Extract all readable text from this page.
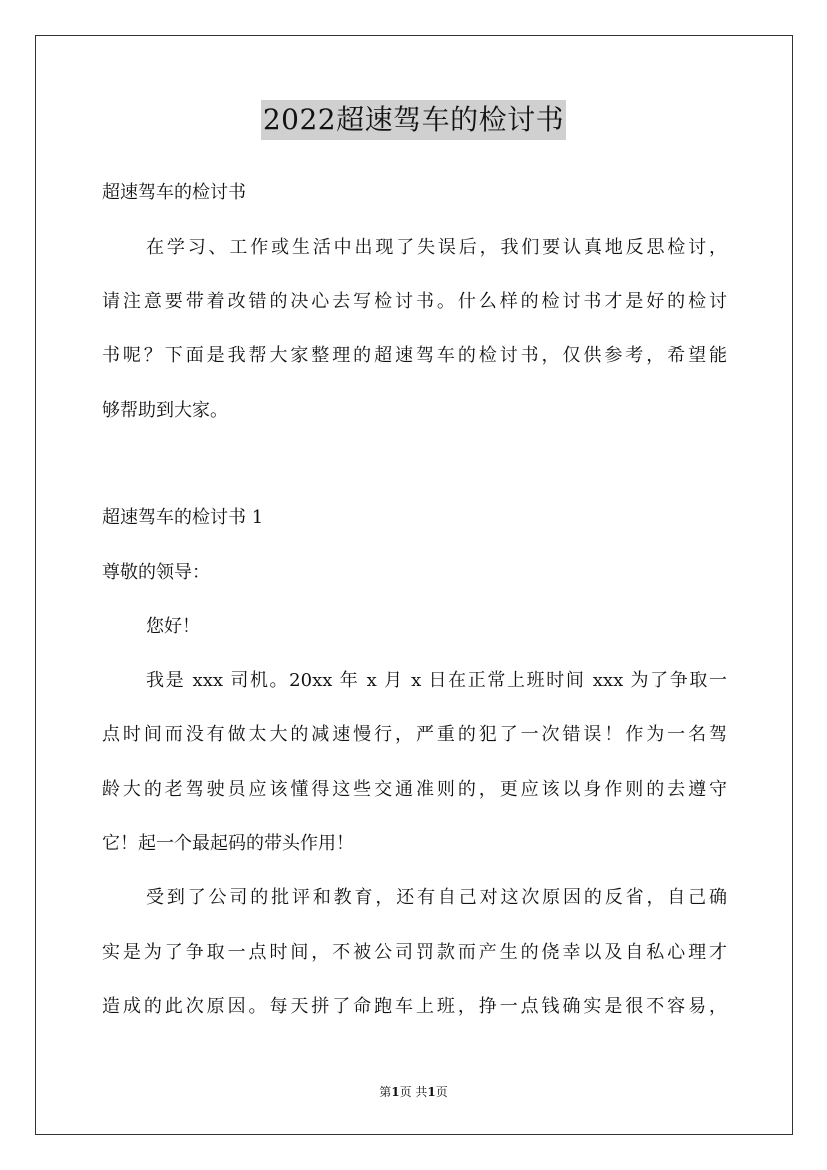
2022超速驾车的检讨书
超速驾车的检讨书
在学习、工作或生活中出现了失误后，我们要认真地反思检讨，
请注意要带着改错的决心去写检讨书。什么样的检讨书才是好的检讨
书呢？下面是我帮大家整理的超速驾车的检讨书，仅供参考，希望能
够帮助到大家。
超速驾车的检讨书 1
尊敬的领导：
您好！
我是 xxx 司机。20xx 年 x 月 x 日在正常上班时间 xxx 为了争取一
点时间而没有做太大的减速慢行，严重的犯了一次错误！作为一名驾
龄大的老驾驶员应该懂得这些交通准则的，更应该以身作则的去遵守
它！起一个最起码的带头作用！
受到了公司的批评和教育，还有自己对这次原因的反省，自己确
实是为了争取一点时间，不被公司罚款而产生的侥幸以及自私心理才
造成的此次原因。每天拼了命跑车上班，挣一点钱确实是很不容易，
第1页 共1页
